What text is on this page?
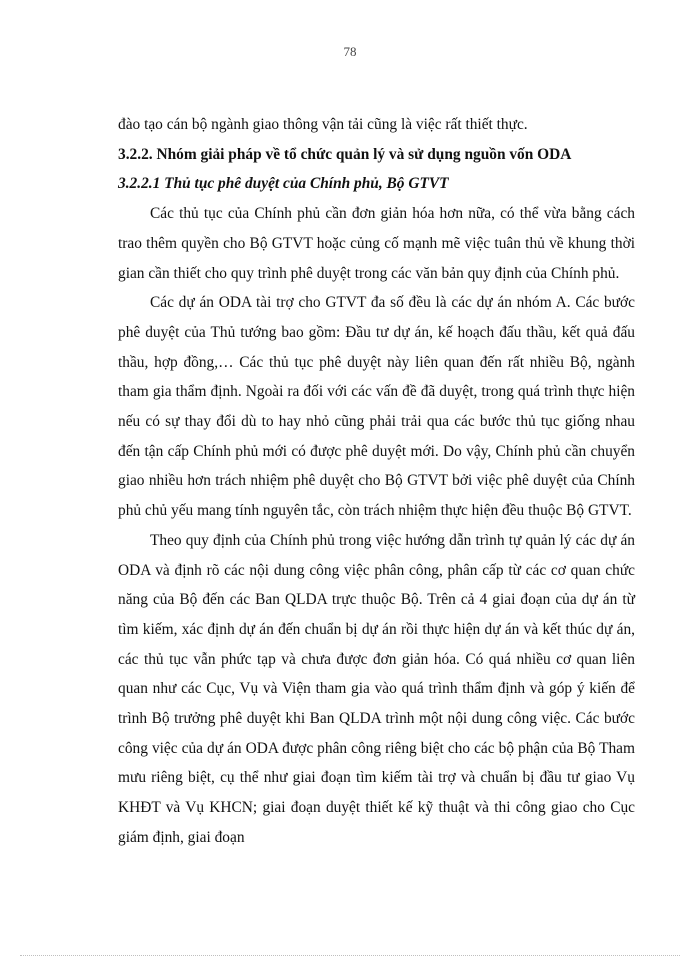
78

đào tạo cán bộ ngành giao thông vận tải cũng là việc rất thiết thực.

3.2.2. Nhóm giải pháp về tổ chức quản lý và sử dụng nguồn vốn ODA

3.2.2.1 Thủ tục phê duyệt của Chính phủ, Bộ GTVT

Các thủ tục của Chính phủ cần đơn giản hóa hơn nữa, có thể vừa bằng cách trao thêm quyền cho Bộ GTVT hoặc củng cố mạnh mẽ việc tuân thủ về khung thời gian cần thiết cho quy trình phê duyệt trong các văn bản quy định của Chính phủ.

Các dự án ODA tài trợ cho GTVT đa số đều là các dự án nhóm A. Các bước phê duyệt của Thủ tướng bao gồm: Đầu tư dự án, kế hoạch đấu thầu, kết quả đấu thầu, hợp đồng,… Các thủ tục phê duyệt này liên quan đến rất nhiều Bộ, ngành tham gia thẩm định. Ngoài ra đối với các vấn đề đã duyệt, trong quá trình thực hiện nếu có sự thay đổi dù to hay nhỏ cũng phải trải qua các bước thủ tục giống nhau đến tận cấp Chính phủ mới có được phê duyệt mới. Do vậy, Chính phủ cần chuyển giao nhiều hơn trách nhiệm phê duyệt cho Bộ GTVT bởi việc phê duyệt của Chính phủ chủ yếu mang tính nguyên tắc, còn trách nhiệm thực hiện đều thuộc Bộ GTVT.

Theo quy định của Chính phủ trong việc hướng dẫn trình tự quản lý các dự án ODA và định rõ các nội dung công việc phân công, phân cấp từ các cơ quan chức năng của Bộ đến các Ban QLDA trực thuộc Bộ. Trên cả 4 giai đoạn của dự án từ tìm kiếm, xác định dự án đến chuẩn bị dự án rồi thực hiện dự án và kết thúc dự án, các thủ tục vẫn phức tạp và chưa được đơn giản hóa. Có quá nhiều cơ quan liên quan như các Cục, Vụ và Viện tham gia vào quá trình thẩm định và góp ý kiến để trình Bộ trưởng phê duyệt khi Ban QLDA trình một nội dung công việc. Các bước công việc của dự án ODA được phân công riêng biệt cho các bộ phận của Bộ Tham mưu riêng biệt, cụ thể như giai đoạn tìm kiếm tài trợ và chuẩn bị đầu tư giao Vụ KHĐT và Vụ KHCN; giai đoạn duyệt thiết kế kỹ thuật và thi công giao cho Cục giám định, giai đoạn
